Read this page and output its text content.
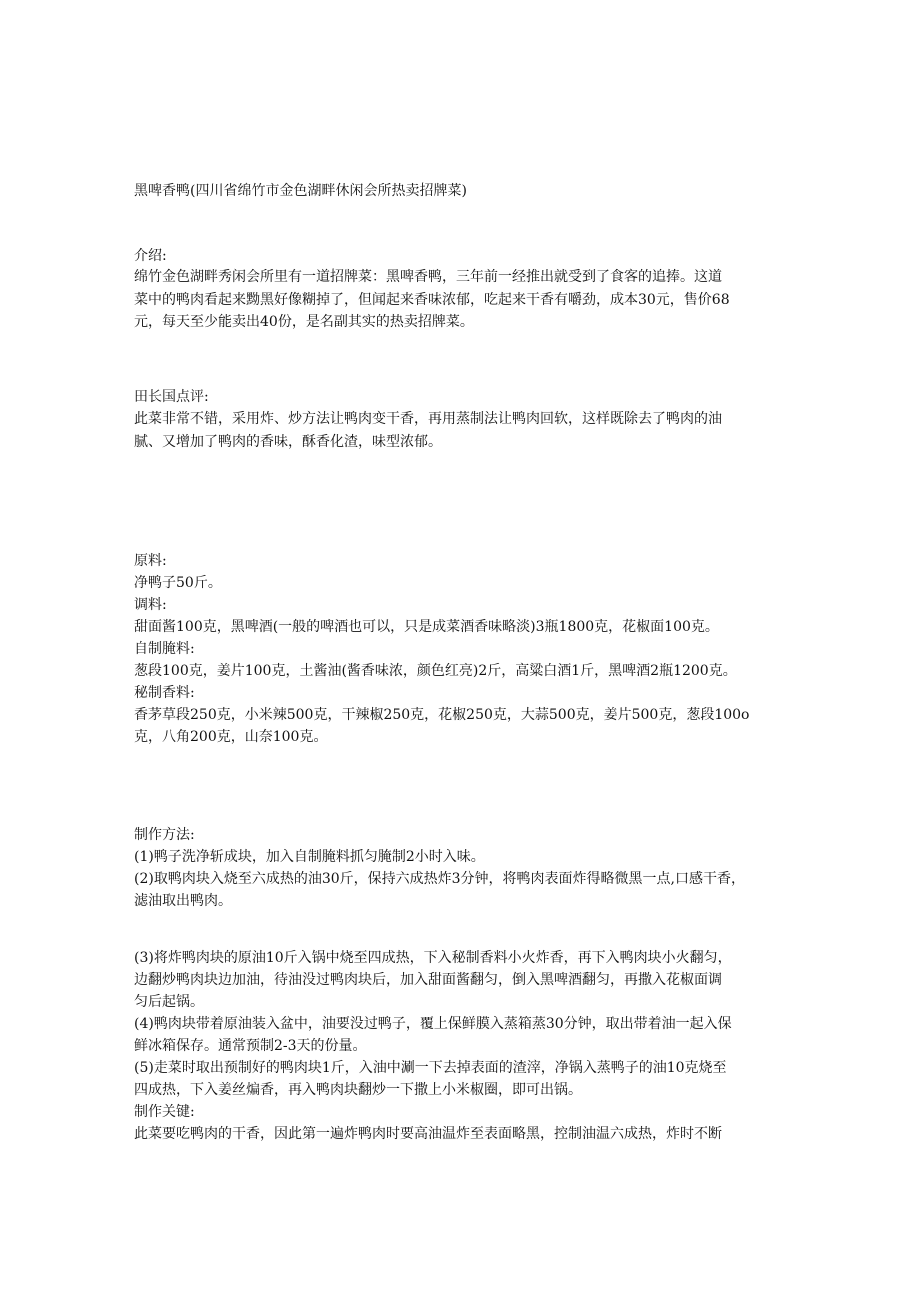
黑啤香鸭(四川省绵竹市金色湖畔休闲会所热卖招牌菜)
介绍:
绵竹金色湖畔秀闲会所里有一道招牌菜：黑啤香鸭，三年前一经推出就受到了食客的追捧。这道
菜中的鸭肉看起来黝黑好像糊掉了，但闻起来香味浓郁，吃起来干香有嚼劲，成本30元，售价68
元，每天至少能卖出40份，是名副其实的热卖招牌菜。
田长国点评:
此菜非常不错，采用炸、炒方法让鸭肉变干香，再用蒸制法让鸭肉回软，这样既除去了鸭肉的油
腻、又增加了鸭肉的香味，酥香化渣，味型浓郁。
原料:
净鸭子50斤。
调料:
甜面酱100克，黑啤酒(一般的啤酒也可以，只是成菜酒香味略淡)3瓶1800克，花椒面100克。
自制腌料:
葱段100克，姜片100克，土酱油(酱香味浓，颜色红亮)2斤，高粱白酒1斤，黑啤酒2瓶1200克。
秘制香料:
香茅草段250克，小米辣500克，干辣椒250克，花椒250克，大蒜500克，姜片500克，葱段100o
克，八角200克，山奈100克。
制作方法:
(1)鸭子洗净斩成块，加入自制腌料抓匀腌制2小时入味。
(2)取鸭肉块入烧至六成热的油30斤，保持六成热炸3分钟，将鸭肉表面炸得略微黑一点,口感干香，
滤油取出鸭肉。
(3)将炸鸭肉块的原油10斤入锅中烧至四成热，下入秘制香料小火炸香，再下入鸭肉块小火翻匀，
边翻炒鸭肉块边加油，待油没过鸭肉块后，加入甜面酱翻匀，倒入黑啤酒翻匀，再撒入花椒面调
匀后起锅。
(4)鸭肉块带着原油装入盆中，油要没过鸭子，覆上保鲜膜入蒸箱蒸30分钟，取出带着油一起入保
鲜冰箱保存。通常预制2-3天的份量。
(5)走菜时取出预制好的鸭肉块1斤，入油中涮一下去掉表面的渣滓，净锅入蒸鸭子的油10克烧至
四成热，下入姜丝煸香，再入鸭肉块翻炒一下撒上小米椒圈，即可出锅。
制作关键:
此菜要吃鸭肉的干香，因此第一遍炸鸭肉时要高油温炸至表面略黑，控制油温六成热，炸时不断
